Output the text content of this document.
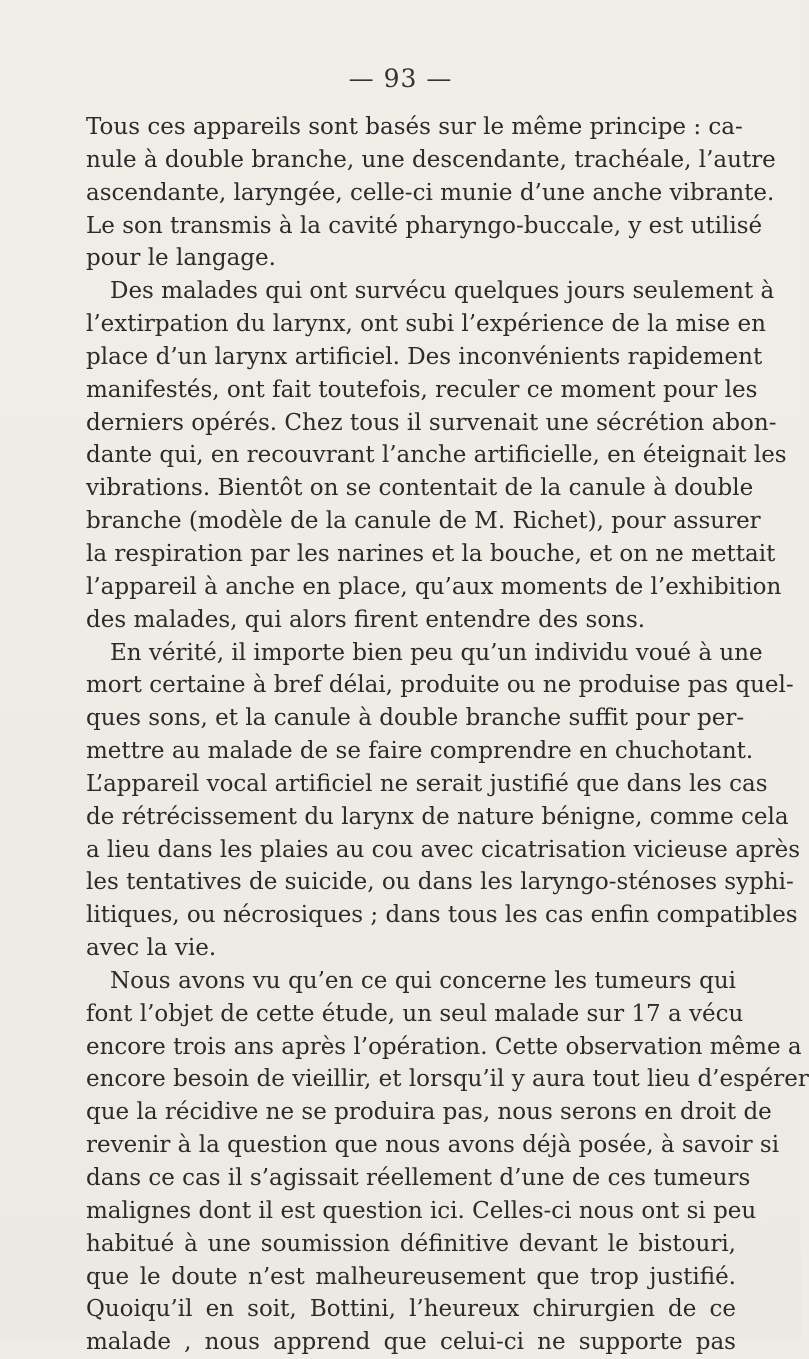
— 93 —
Tous ces appareils sont basés sur le même principe : ca-
nule à double branche, une descendante, trachéale, l’autre
ascendante, laryngée, celle-ci munie d’une anche vibrante.
Le son transmis à la cavité pharyngo-buccale, y est utilisé
pour le langage.
Des malades qui ont survécu quelques jours seulement à
l’extirpation du larynx, ont subi l’expérience de la mise en
place d’un larynx artificiel. Des inconvénients rapidement
manifestés, ont fait toutefois, reculer ce moment pour les
derniers opérés. Chez tous il survenait une sécrétion abon-
dante qui, en recouvrant l’anche artificielle, en éteignait les
vibrations. Bientôt on se contentait de la canule à double
branche (modèle de la canule de M. Richet), pour assurer
la respiration par les narines et la bouche, et on ne mettait
l’appareil à anche en place, qu’aux moments de l’exhibition
des malades, qui alors firent entendre des sons.
En vérité, il importe bien peu qu’un individu voué à une
mort certaine à bref délai, produite ou ne produise pas quel-
ques sons, et la canule à double branche suffit pour per-
mettre au malade de se faire comprendre en chuchotant.
L’appareil vocal artificiel ne serait justifié que dans les cas
de rétrécissement du larynx de nature bénigne, comme cela
a lieu dans les plaies au cou avec cicatrisation vicieuse après
les tentatives de suicide, ou dans les laryngo-sténoses syphi-
litiques, ou nécrosiques ; dans tous les cas enfin compatibles
avec la vie.
Nous avons vu qu’en ce qui concerne les tumeurs qui
font l’objet de cette étude, un seul malade sur 17 a vécu
encore trois ans après l’opération. Cette observation même a
encore besoin de vieillir, et lorsqu’il y aura tout lieu d’espérer
que la récidive ne se produira pas, nous serons en droit de
revenir à la question que nous avons déjà posée, à savoir si
dans ce cas il s’agissait réellement d’une de ces tumeurs
malignes dont il est question ici. Celles-ci nous ont si peu
habitué à une soumission définitive devant le bistouri,
que le doute n’est malheureusement que trop justifié.
Quoiqu’il en soit, Bottini, l’heureux chirurgien de ce
malade , nous apprend que celui-ci ne supporte pas
